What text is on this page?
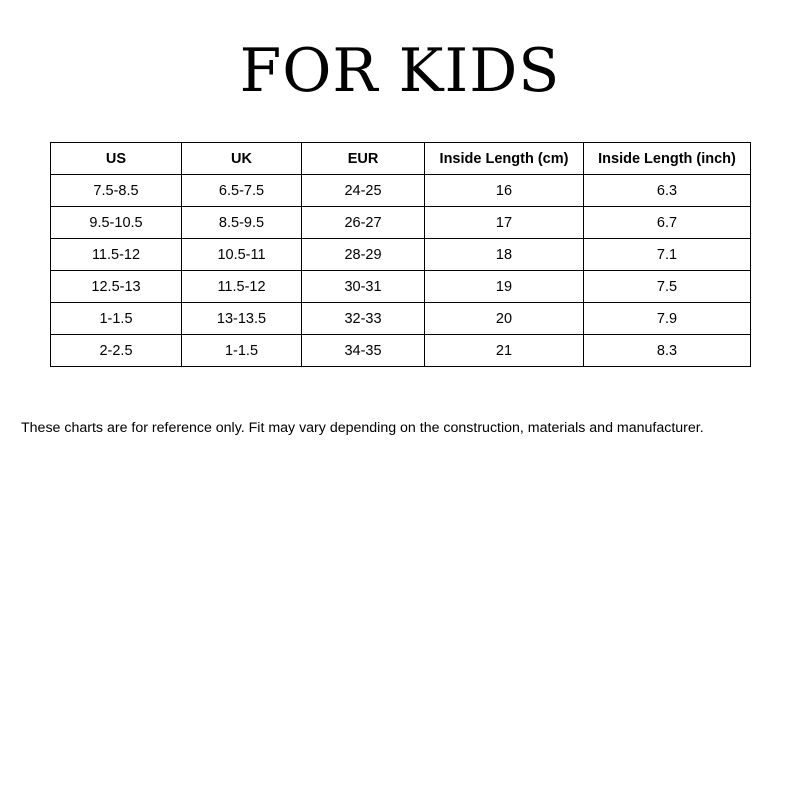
FOR KIDS
US	UK	EUR	Inside Length (cm)	Inside Length (inch)
7.5-8.5	6.5-7.5	24-25	16	6.3
9.5-10.5	8.5-9.5	26-27	17	6.7
11.5-12	10.5-11	28-29	18	7.1
12.5-13	11.5-12	30-31	19	7.5
1-1.5	13-13.5	32-33	20	7.9
2-2.5	1-1.5	34-35	21	8.3
These charts are for reference only. Fit may vary depending on the construction, materials and manufacturer.
